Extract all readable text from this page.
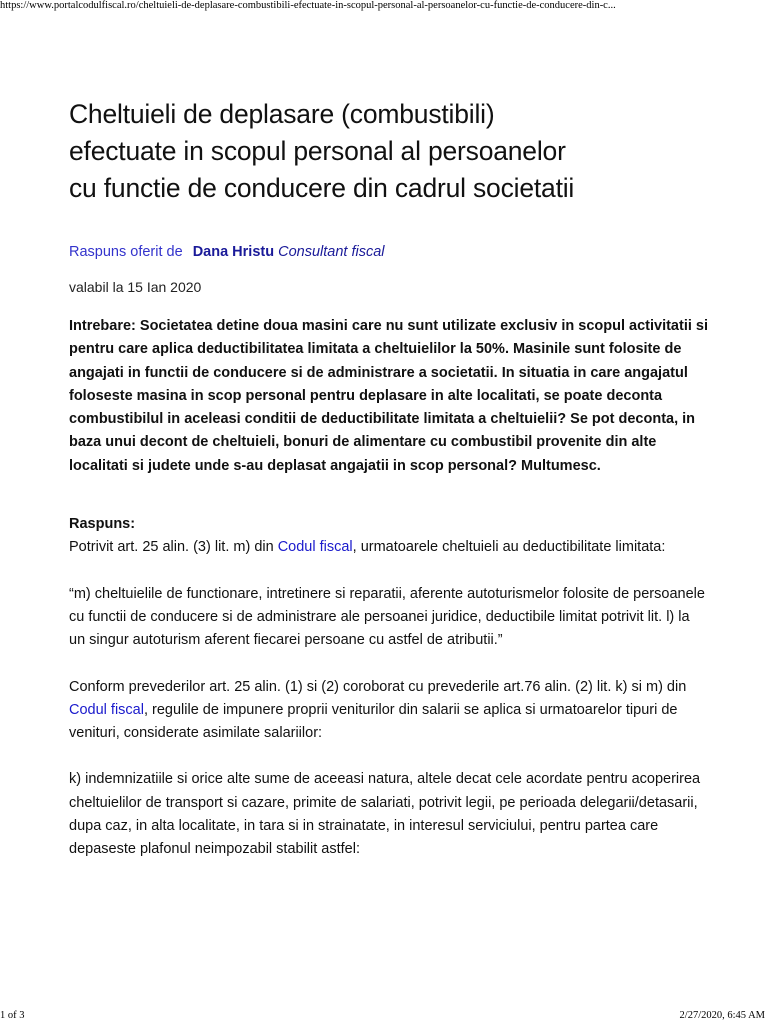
https://www.portalcodulfiscal.ro/cheltuieli-de-deplasare-combustibili-efectuate-in-scopul-personal-al-persoanelor-cu-functie-de-conducere-din-c...
Cheltuieli de deplasare (combustibili)
efectuate in scopul personal al persoanelor
cu functie de conducere din cadrul societatii
Raspuns oferit de Dana Hristu Consultant fiscal
valabil la 15 Ian 2020
Intrebare: Societatea detine doua masini care nu sunt utilizate exclusiv in scopul activitatii si pentru care aplica deductibilitatea limitata a cheltuielilor la 50%. Masinile sunt folosite de angajati in functii de conducere si de administrare a societatii. In situatia in care angajatul foloseste masina in scop personal pentru deplasare in alte localitati, se poate deconta combustibilul in aceleasi conditii de deductibilitate limitata a cheltuielii? Se pot deconta, in baza unui decont de cheltuieli, bonuri de alimentare cu combustibil provenite din alte localitati si judete unde s-au deplasat angajatii in scop personal? Multumesc.
Raspuns:
Potrivit art. 25 alin. (3) lit. m) din Codul fiscal, urmatoarele cheltuieli au deductibilitate limitata:
“m) cheltuielile de functionare, intretinere si reparatii, aferente autoturismelor folosite de persoanele cu functii de conducere si de administrare ale persoanei juridice, deductibile limitat potrivit lit. l) la un singur autoturism aferent fiecarei persoane cu astfel de atributii.”
Conform prevederilor art. 25 alin. (1) si (2) coroborat cu prevederile art.76 alin. (2) lit. k) si m) din Codul fiscal, regulile de impunere proprii veniturilor din salarii se aplica si urmatoarelor tipuri de venituri, considerate asimilate salariilor:
k) indemnizatiile si orice alte sume de aceeasi natura, altele decat cele acordate pentru acoperirea cheltuielilor de transport si cazare, primite de salariati, potrivit legii, pe perioada delegarii/detasarii, dupa caz, in alta localitate, in tara si in strainatate, in interesul serviciului, pentru partea care depaseste plafonul neimpozabil stabilit astfel:
1 of 3	2/27/2020, 6:45 AM
